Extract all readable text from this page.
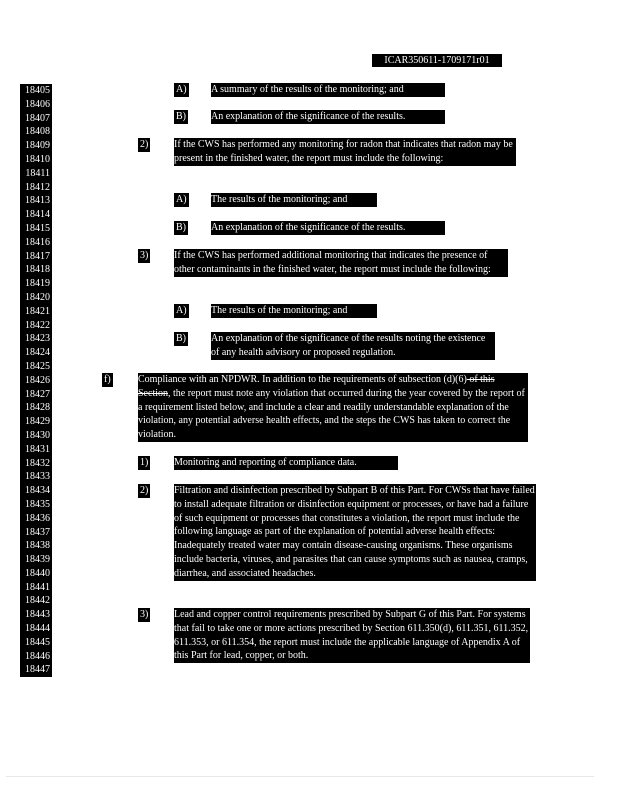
ICAR350611-1709171r01
18405
18406
18407
18408
18409
18410
18411
18412
18413
18414
18415
18416
18417
18418
18419
18420
18421
18422
18423
18424
18425
18426
18427
18428
18429
18430
18431
18432
18433
18434
18435
18436
18437
18438
18439
18440
18441
18442
18443
18444
18445
18446
18447
A) A summary of the results of the monitoring; and
B)	An explanation of the significance of the results.
2)	If the CWS has performed any monitoring for radon that indicates that radon may be present in the finished water, the report must include the following:
A) The results of the monitoring; and
B)	An explanation of the significance of the results.
3)	If the CWS has performed additional monitoring that indicates the presence of other contaminants in the finished water, the report must include the following:
A) The results of the monitoring; and
B)	An explanation of the significance of the results noting the existence of any health advisory or proposed regulation.
f)	Compliance with an NPDWR. In addition to the requirements of subsection (d)(6) of this Section, the report must note any violation that occurred during the year covered by the report of a requirement listed below, and include a clear and readily understandable explanation of the violation, any potential adverse health effects, and the steps the CWS has taken to correct the violation.
1)	Monitoring and reporting of compliance data.
2)	Filtration and disinfection prescribed by Subpart B of this Part. For CWSs that have failed to install adequate filtration or disinfection equipment or processes, or have had a failure of such equipment or processes that constitutes a violation, the report must include the following language as part of the explanation of potential adverse health effects: Inadequately treated water may contain disease-causing organisms. These organisms include bacteria, viruses, and parasites that can cause symptoms such as nausea, cramps, diarrhea, and associated headaches.
3)	Lead and copper control requirements prescribed by Subpart G of this Part. For systems that fail to take one or more actions prescribed by Section 611.350(d), 611.351, 611.352, 611.353, or 611.354, the report must include the applicable language of Appendix A of this Part for lead, copper, or both.
